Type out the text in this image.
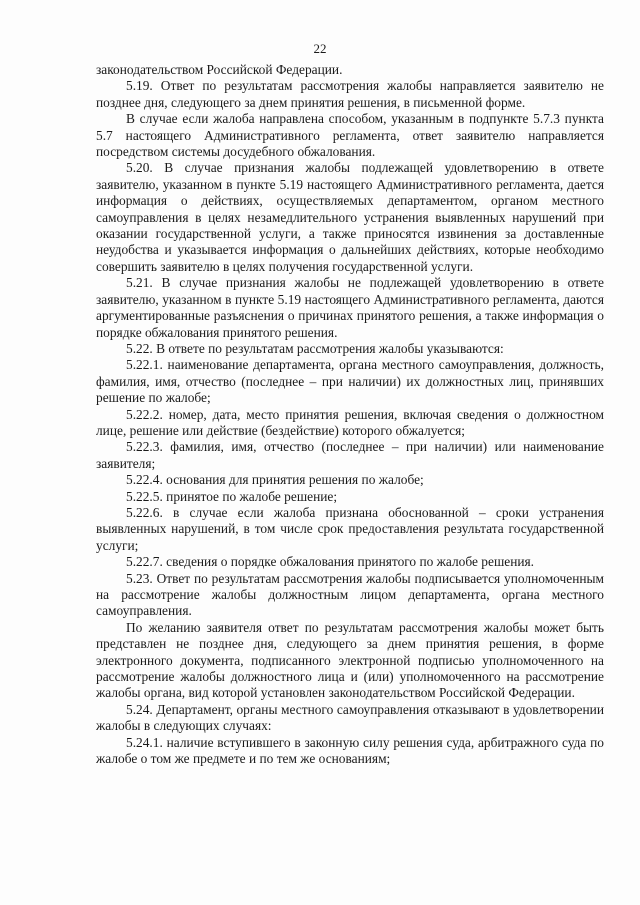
22

законодательством Российской Федерации.

5.19. Ответ по результатам рассмотрения жалобы направляется заявителю не позднее дня, следующего за днем принятия решения, в письменной форме.

В случае если жалоба направлена способом, указанным в подпункте 5.7.3 пункта 5.7 настоящего Административного регламента, ответ заявителю направляется посредством системы досудебного обжалования.

5.20. В случае признания жалобы подлежащей удовлетворению в ответе заявителю, указанном в пункте 5.19 настоящего Административного регламента, дается информация о действиях, осуществляемых департаментом, органом местного самоуправления в целях незамедлительного устранения выявленных нарушений при оказании государственной услуги, а также приносятся извинения за доставленные неудобства и указывается информация о дальнейших действиях, которые необходимо совершить заявителю в целях получения государственной услуги.

5.21. В случае признания жалобы не подлежащей удовлетворению в ответе заявителю, указанном в пункте 5.19 настоящего Административного регламента, даются аргументированные разъяснения о причинах принятого решения, а также информация о порядке обжалования принятого решения.

5.22. В ответе по результатам рассмотрения жалобы указываются:

5.22.1. наименование департамента, органа местного самоуправления, должность, фамилия, имя, отчество (последнее – при наличии) их должностных лиц, принявших решение по жалобе;

5.22.2. номер, дата, место принятия решения, включая сведения о должностном лице, решение или действие (бездействие) которого обжалуется;

5.22.3. фамилия, имя, отчество (последнее – при наличии) или наименование заявителя;

5.22.4. основания для принятия решения по жалобе;

5.22.5. принятое по жалобе решение;

5.22.6. в случае если жалоба признана обоснованной – сроки устранения выявленных нарушений, в том числе срок предоставления результата государственной услуги;

5.22.7. сведения о порядке обжалования принятого по жалобе решения.

5.23. Ответ по результатам рассмотрения жалобы подписывается уполномоченным на рассмотрение жалобы должностным лицом департамента, органа местного самоуправления.

По желанию заявителя ответ по результатам рассмотрения жалобы может быть представлен не позднее дня, следующего за днем принятия решения, в форме электронного документа, подписанного электронной подписью уполномоченного на рассмотрение жалобы должностного лица и (или) уполномоченного на рассмотрение жалобы органа, вид которой установлен законодательством Российской Федерации.

5.24. Департамент, органы местного самоуправления отказывают в удовлетворении жалобы в следующих случаях:

5.24.1. наличие вступившего в законную силу решения суда, арбитражного суда по жалобе о том же предмете и по тем же основаниям;
